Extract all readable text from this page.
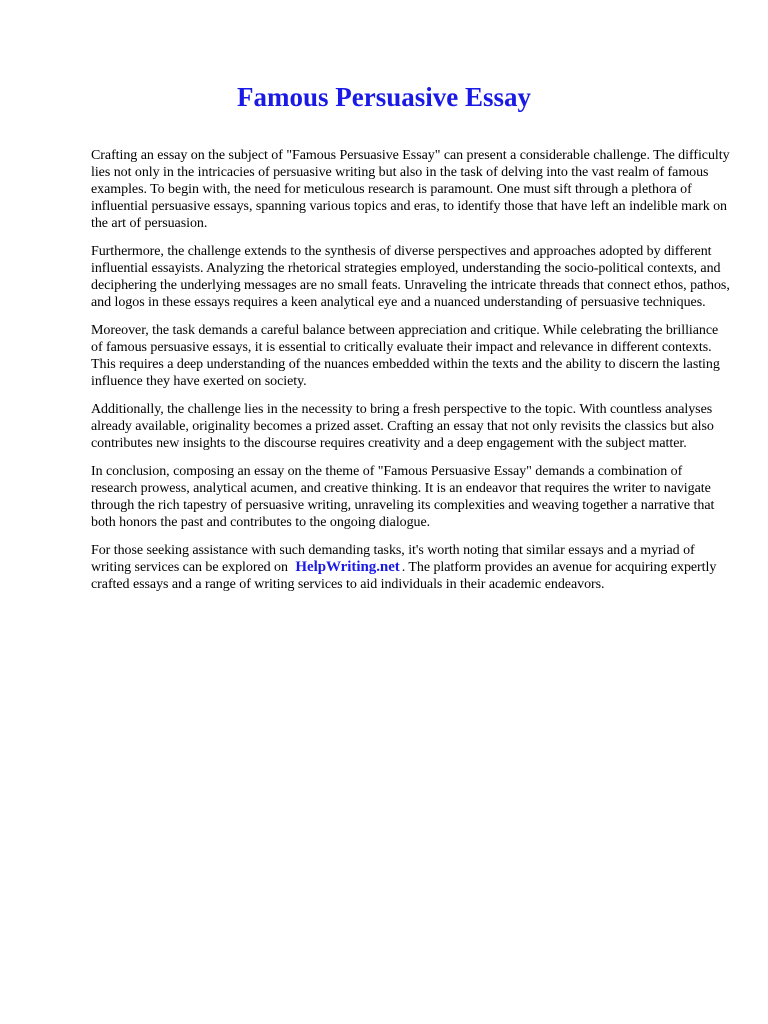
Famous Persuasive Essay

Crafting an essay on the subject of "Famous Persuasive Essay" can present a considerable challenge. The difficulty lies not only in the intricacies of persuasive writing but also in the task of delving into the vast realm of famous examples. To begin with, the need for meticulous research is paramount. One must sift through a plethora of influential persuasive essays, spanning various topics and eras, to identify those that have left an indelible mark on the art of persuasion.

Furthermore, the challenge extends to the synthesis of diverse perspectives and approaches adopted by different influential essayists. Analyzing the rhetorical strategies employed, understanding the socio-political contexts, and deciphering the underlying messages are no small feats. Unraveling the intricate threads that connect ethos, pathos, and logos in these essays requires a keen analytical eye and a nuanced understanding of persuasive techniques.

Moreover, the task demands a careful balance between appreciation and critique. While celebrating the brilliance of famous persuasive essays, it is essential to critically evaluate their impact and relevance in different contexts. This requires a deep understanding of the nuances embedded within the texts and the ability to discern the lasting influence they have exerted on society.

Additionally, the challenge lies in the necessity to bring a fresh perspective to the topic. With countless analyses already available, originality becomes a prized asset. Crafting an essay that not only revisits the classics but also contributes new insights to the discourse requires creativity and a deep engagement with the subject matter.

In conclusion, composing an essay on the theme of "Famous Persuasive Essay" demands a combination of research prowess, analytical acumen, and creative thinking. It is an endeavor that requires the writer to navigate through the rich tapestry of persuasive writing, unraveling its complexities and weaving together a narrative that both honors the past and contributes to the ongoing dialogue.

For those seeking assistance with such demanding tasks, it's worth noting that similar essays and a myriad of writing services can be explored on HelpWriting.net . The platform provides an avenue for acquiring expertly crafted essays and a range of writing services to aid individuals in their academic endeavors.
